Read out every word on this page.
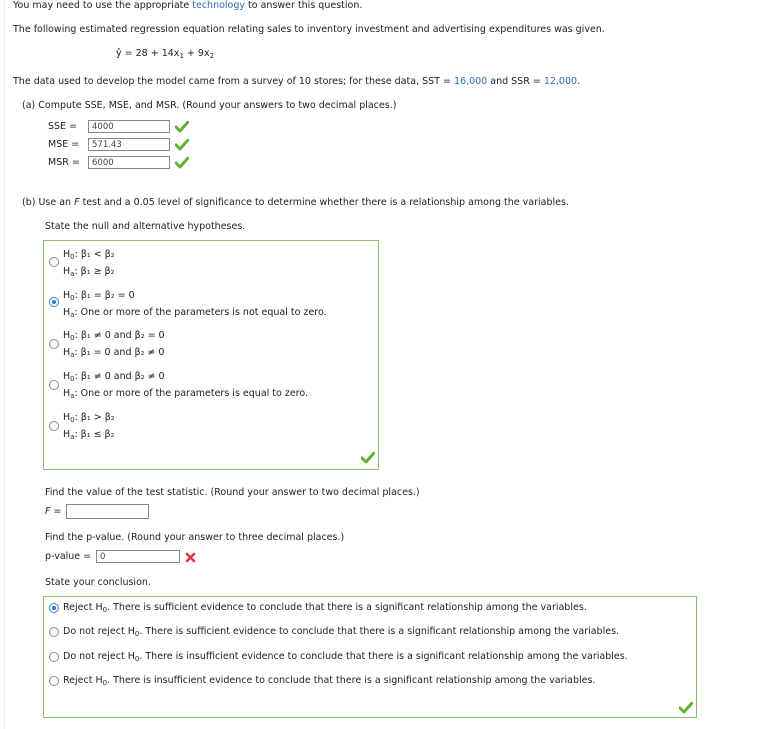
You may need to use the appropriate technology to answer this question.
The following estimated regression equation relating sales to inventory investment and advertising expenditures was given.
ŷ = $28 + 14x_1 + 9x_2$
The data used to develop the model came from a survey of 10 stores; for these data, SST = 16,000 and SSR = 12,000.
(a) Compute SSE, MSE, and MSR. (Round your answers to two decimal places.)
SSE =	4000
MSE =	571.43
MSR =	6000
(b) Use an F test and a 0.05 level of significance to determine whether there is a relationship among the variables.
State the null and alternative hypotheses.
$H_0$: β₁ < β₂
$H_a$: β₁ ≥ β₂
$H_0$: β₁ = β₂ = 0
$H_a$: One or more of the parameters is not equal to zero.
$H_0$: β₁ ≠ 0 and β₂ = 0
$H_a$: β₁ = 0 and β₂ ≠ 0
$H_0$: β₁ ≠ 0 and β₂ ≠ 0
$H_a$: One or more of the parameters is equal to zero.
$H_0$: β₁ > β₂
$H_a$: β₁ ≤ β₂
Find the value of the test statistic. (Round your answer to two decimal places.)
F =
Find the p-value. (Round your answer to three decimal places.)
p-value =	0
State your conclusion.
Reject $H_0$. There is sufficient evidence to conclude that there is a significant relationship among the variables.
Do not reject $H_0$. There is sufficient evidence to conclude that there is a significant relationship among the variables.
Do not reject $H_0$. There is insufficient evidence to conclude that there is a significant relationship among the variables.
Reject $H_0$. There is insufficient evidence to conclude that there is a significant relationship among the variables.
